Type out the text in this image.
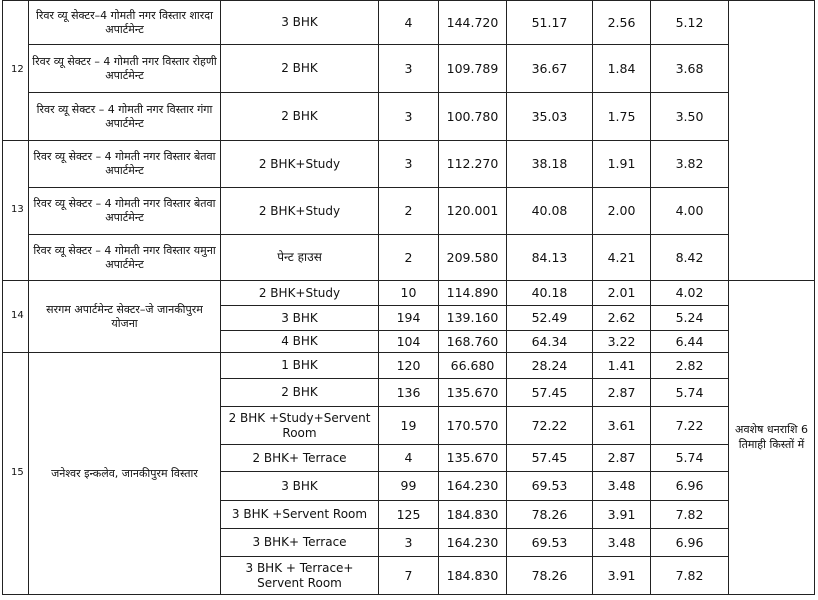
12	रिवर व्यू सेक्टर–4 गोमती नगर विस्तार शारदा अपार्टमेन्ट	3 BHK	4	144.720	51.17	2.56	5.12	
	रिवर व्यू सेक्टर – 4 गोमती नगर विस्तार रोहणी अपार्टमेन्ट	2 BHK	3	109.789	36.67	1.84	3.68	
	रिवर व्यू सेक्टर – 4 गोमती नगर विस्तार गंगा अपार्टमेन्ट	2 BHK	3	100.780	35.03	1.75	3.50	
13	रिवर व्यू सेक्टर – 4 गोमती नगर विस्तार बेतवा अपार्टमेन्ट	2 BHK+Study	3	112.270	38.18	1.91	3.82	
	रिवर व्यू सेक्टर – 4 गोमती नगर विस्तार बेतवा अपार्टमेन्ट	2 BHK+Study	2	120.001	40.08	2.00	4.00	
	रिवर व्यू सेक्टर – 4 गोमती नगर विस्तार यमुना अपार्टमेन्ट	पेन्ट हाउस	2	209.580	84.13	4.21	8.42	
14	सरगम अपार्टमेन्ट सेक्टर–जे जानकीपुरम योजना	2 BHK+Study	10	114.890	40.18	2.01	4.02	अवशेष धनराशि 6 तिमाही किस्तों में
		3 BHK	194	139.160	52.49	2.62	5.24	
		4 BHK	104	168.760	64.34	3.22	6.44	
15	जनेश्वर इन्कलेव, जानकीपुरम विस्तार	1 BHK	120	66.680	28.24	1.41	2.82	
		2 BHK	136	135.670	57.45	2.87	5.74	
		2 BHK +Study+Servent Room	19	170.570	72.22	3.61	7.22	
		2 BHK+ Terrace	4	135.670	57.45	2.87	5.74	
		3 BHK	99	164.230	69.53	3.48	6.96	
		3 BHK +Servent Room	125	184.830	78.26	3.91	7.82	
		3 BHK+ Terrace	3	164.230	69.53	3.48	6.96	
		3 BHK + Terrace+ Servent Room	7	184.830	78.26	3.91	7.82	
